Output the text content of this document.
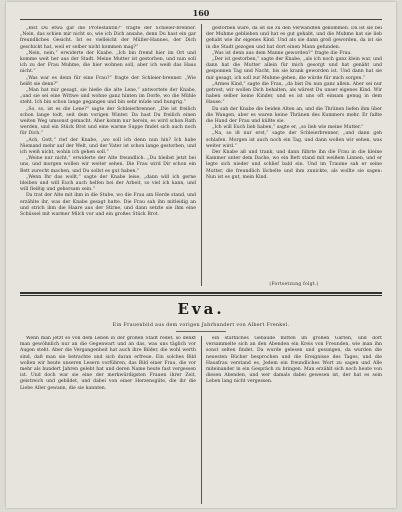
160

„Bist Du etwa gar die Protestantin?“ fragte der Schleier-brenner. „Nein, das schien mir nicht so, wie ich Dich ansahe, denn Du hast ein gar freundliches Gesicht. Ist es vielleicht der Müller-Hannes, der Dich geschickt hat, weil er selber nicht kommen mag?“

„Nein, nein,“ erwiderte der Knabe. „Ich bin fremd hier im Ort und komme weit her aus der Stadt. Meine Mutter ist gestorben, und nun soll ich zu der Frau Muhme, die hier wohnen soll, aber ich weiß das Haus nicht.“

„Was war es denn für eine Frau?“ fragte der Schleier-brenner. „Wie heißt sie denn?“

„Man hat mir gesagt, sie hieße die alte Lene,“ antwortete der Knabe, „und sie sei eine Wittwe und wohne ganz hinten im Dorfe, wo die Mühle steht. Ich bin schon lange gegangen und bin sehr müde und hungrig.“

„So, so, ist es die Lene?“ sagte der Schleierbrenner. „Die ist freilich schon lange todt, seit dem vorigen Winter. Da hast Du freilich einen weiten Weg umsonst gemacht. Aber komm nur herein, es wird schon Rath werden, und ein Stück Brot und eine warme Suppe findet sich auch noch für Dich.“

„Ach, Gott,“ rief der Knabe, „wo soll ich denn nun hin? Ich habe Niemand mehr auf der Welt, und der Vater ist schon lange gestorben, und ich weiß nicht, wohin ich gehen soll.“

„Weine nur nicht,“ erwiderte der Alte freundlich. „Du bleibst jetzt bei uns, und morgen wollen wir weiter sehen. Die Frau wird Dir schon ein Bett zurecht machen, und Du sollst es gut haben.“

„Wenn Ihr das wollt,“ sagte der Knabe leise, „dann will ich gerne bleiben und will Euch auch helfen bei der Arbeit, so viel ich kann, und will fleißig und gehorsam sein.“

Da trat der Alte mit ihm in die Stube, wo die Frau am Herde stand, und erzählte ihr, was der Knabe gesagt hatte. Die Frau sah ihn mitleidig an und strich ihm die Haare aus der Stirne, und dann setzte sie ihm eine Schüssel mit warmer Milch vor und ein großes Stück Brot.

gestorben wäre, da ist sie zu den Verwandten gekommen. Da ist sie bei der Muhme geblieben und hat es gut gehabt, und die Muhme hat sie lieb gehabt wie ihr eigenes Kind. Und als sie dann groß geworden, da ist sie in die Stadt gezogen und hat dort einen Mann gefunden.

„Was ist denn aus dem Manne geworden?“ fragte die Frau.

„Der ist gestorben,“ sagte der Knabe, „als ich noch ganz klein war, und dann hat die Mutter allein für mich gesorgt und hat genäht und gesponnen Tag und Nacht, bis sie krank geworden ist. Und dann hat sie mir gesagt, ich soll zur Muhme gehen, die würde für mich sorgen.“

„Armes Kind,“ sagte die Frau, „da bist Du nun ganz allein. Aber sei nur getrost, wir wollen Dich behalten, als wärest Du unser eigenes Kind. Wir haben selber keine Kinder, und es ist uns oft einsam genug in dem Hause.“

Da sah der Knabe die beiden Alten an, und die Thränen liefen ihm über die Wangen, aber es waren keine Thränen des Kummers mehr. Er faßte die Hand der Frau und küßte sie.

„Ich will Euch lieb haben,“ sagte er, „so lieb wie meine Mutter.“

„Na, so iß nur erst,“ sagte der Schleierbrenner, „und dann geh schlafen. Morgen ist auch noch ein Tag, und dann wollen wir sehen, was weiter wird.“

Der Knabe aß und trank, und dann führte ihn die Frau in die kleine Kammer unter dem Dache, wo ein Bett stand mit weißem Linnen, und er legte sich nieder und schlief bald ein. Und im Traume sah er seine Mutter, die freundlich lächelte und ihm zunickte, als wollte sie sagen: Nun ist es gut, mein Kind.

(Fortsetzung folgt.)
Eva.
Ein Frauenbild aus dem vorigen Jahrhundert von Albert Frenkel.

Wenn man jetzt so von dem Leben in der großen Stadt redet, so denkt man gewöhnlich nur an die Gegenwart und an das, was uns täglich vor Augen steht. Aber die Vergangenheit hat auch ihre Bilder, die wohl werth sind, daß man sie betrachte und sich daran erfreue. Ein solches Bild wollen wir heute unseren Lesern vorführen, das Bild einer Frau, die vor mehr als hundert Jahren gelebt hat und deren Name heute fast vergessen ist. Und doch war sie eine der merkwürdigsten Frauen ihrer Zeit, geistreich und gebildet, und dabei von einer Herzensgüte, die ihr die Liebe Aller gewann, die sie kannten.

ein stattliches Gebäude mitten im großen Garten, und dort versammelte sich an den Abenden ein Kreis von Freunden, wie man ihn sonst selten findet. Da wurde gelesen und gesungen, da wurden die neuesten Bücher besprochen und die Ereignisse des Tages, und die Hausfrau verstand es, Jedem ein freundliches Wort zu sagen und Alle miteinander in ein Gespräch zu bringen. Man erzählt sich noch heute von diesen Abenden, und wer damals dabei gewesen ist, der hat es sein Leben lang nicht vergessen.
